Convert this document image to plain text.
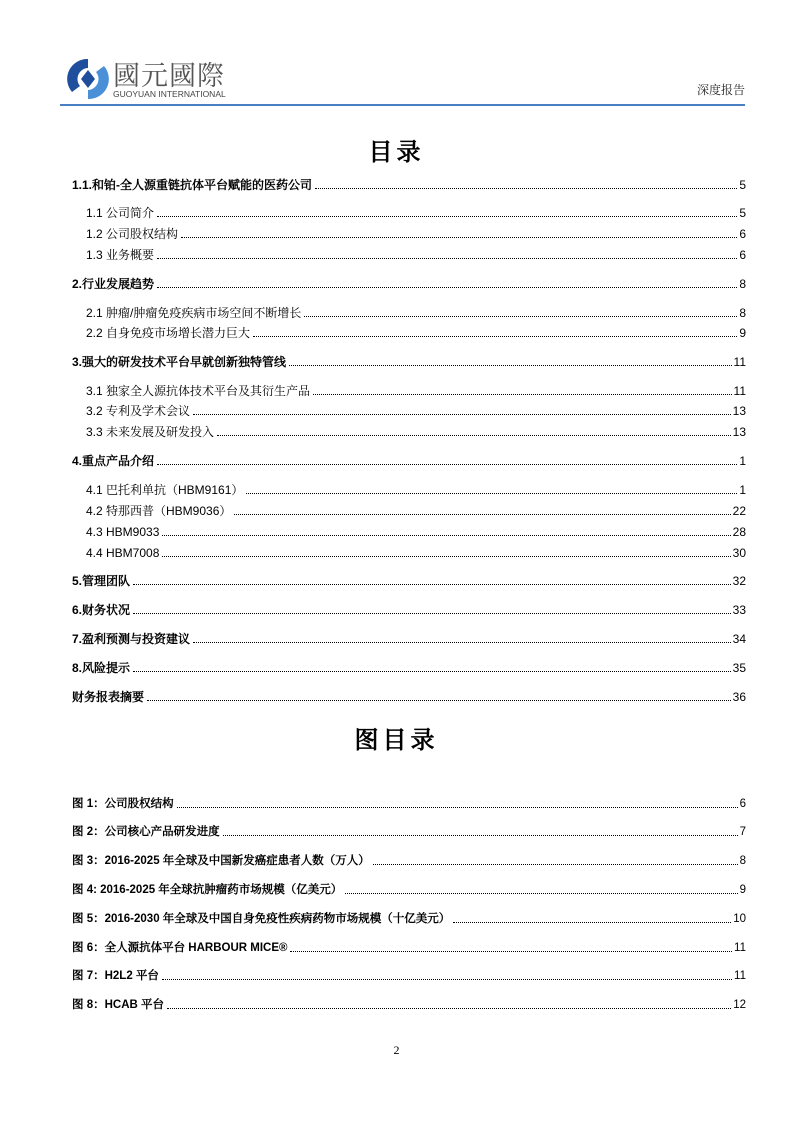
國元國際
GUOYUAN INTERNATIONAL	深度报告
目录
1.1.和铂-全人源重链抗体平台赋能的医药公司	5
1.1 公司简介	5
1.2 公司股权结构	6
1.3 业务概要	6
2.行业发展趋势	8
2.1 肿瘤/肿瘤免疫疾病市场空间不断增长	8
2.2 自身免疫市场增长潜力巨大	9
3.强大的研发技术平台早就创新独特管线	11
3.1 独家全人源抗体技术平台及其衍生产品	11
3.2 专利及学术会议	13
3.3 未来发展及研发投入	13
4.重点产品介绍	1
4.1 巴托利单抗（HBM9161）	1
4.2 特那西普（HBM9036）	22
4.3 HBM9033	28
4.4 HBM7008	30
5.管理团队	32
6.财务状况	33
7.盈利预测与投资建议	34
8.风险提示	35
财务报表摘要	36
图目录
图 1：公司股权结构	6
图 2：公司核心产品研发进度	7
图 3：2016-2025 年全球及中国新发癌症患者人数（万人）	8
图 4: 2016-2025 年全球抗肿瘤药市场规模（亿美元）	9
图 5：2016-2030 年全球及中国自身免疫性疾病药物市场规模（十亿美元）	10
图 6：全人源抗体平台 HARBOUR MICE®	11
图 7：H2L2 平台	11
图 8：HCAB 平台	12
2
